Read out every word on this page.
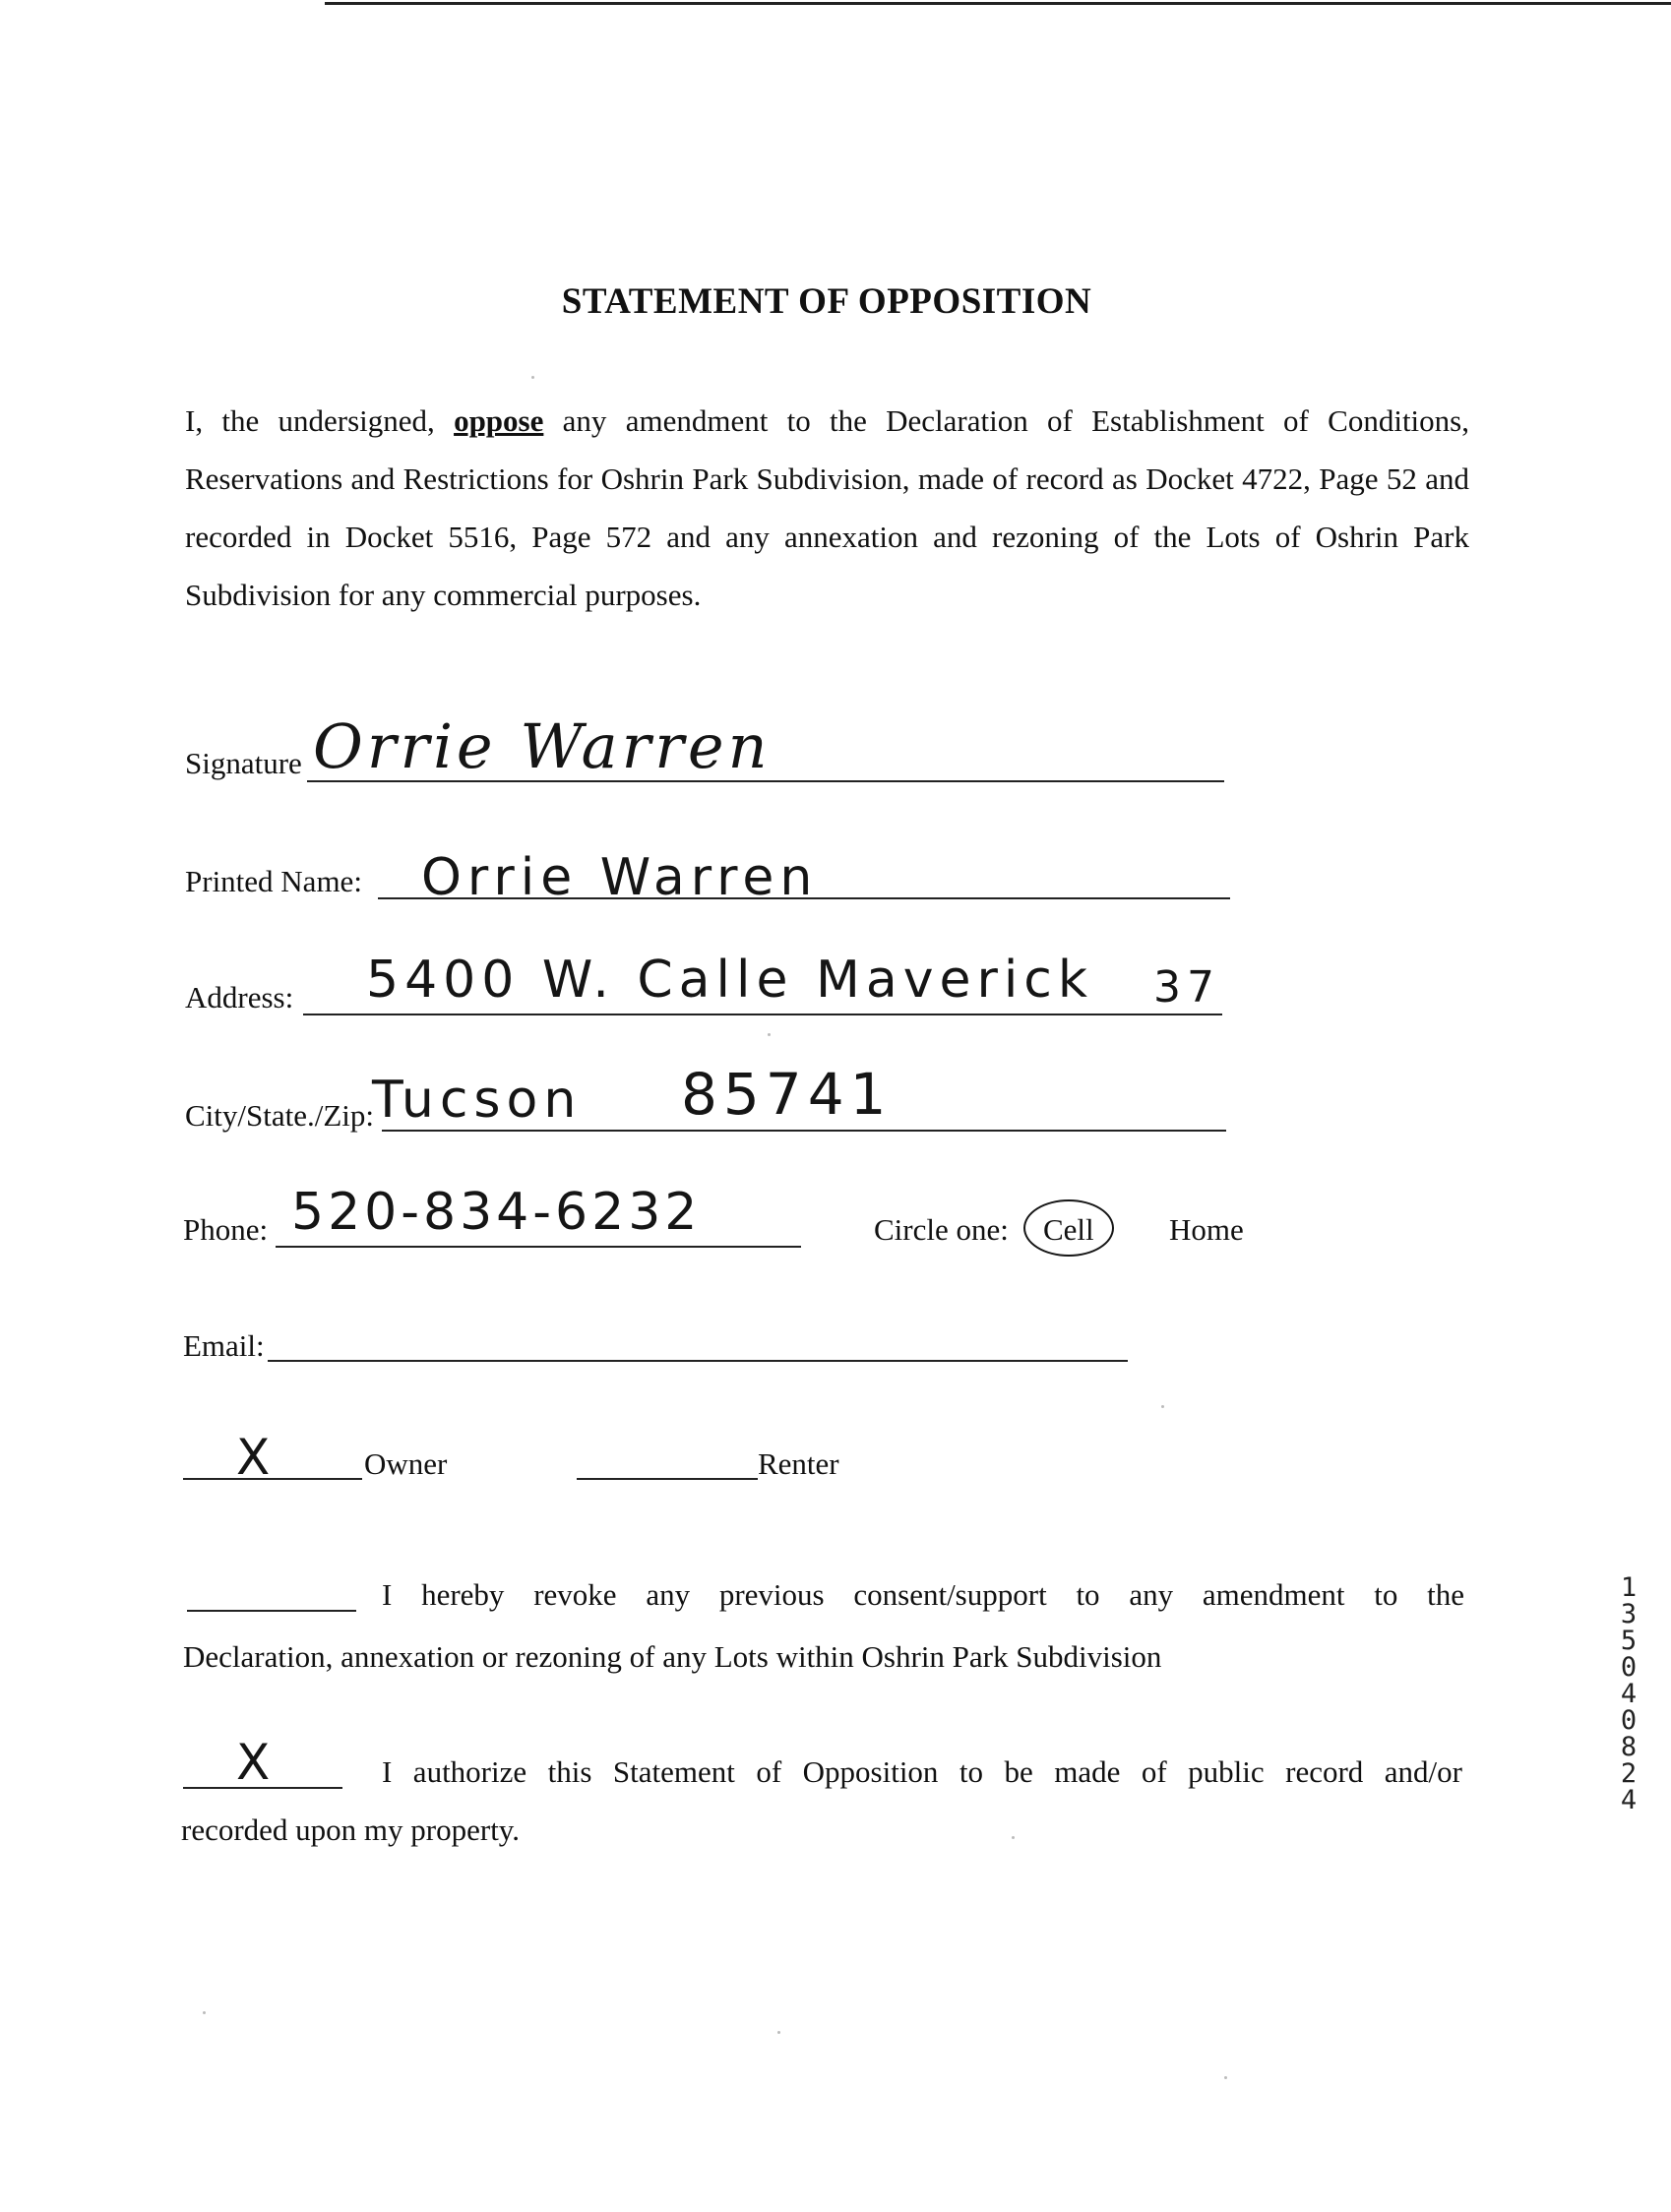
STATEMENT OF OPPOSITION
I, the undersigned, oppose any amendment to the Declaration of Establishment of Conditions, Reservations and Restrictions for Oshrin Park Subdivision, made of record as Docket 4722, Page 52 and recorded in Docket 5516, Page 572 and any annexation and rezoning of the Lots of Oshrin Park Subdivision for any commercial purposes.
Signature Orrie Warren
Printed Name: Orrie Warren
Address: 5400 W. Calle Maverick 37
City/State./Zip:
Tucson 85741
Phone: 520-834-6232	Circle one: Cell Home
Email:
X	Owner	Renter
I hereby revoke any previous consent/support to any amendment to the
Declaration, annexation or rezoning of any Lots within Oshrin Park Subdivision
X	I authorize this Statement of Opposition to be made of public record and/or
recorded upon my property.
13504 0824
